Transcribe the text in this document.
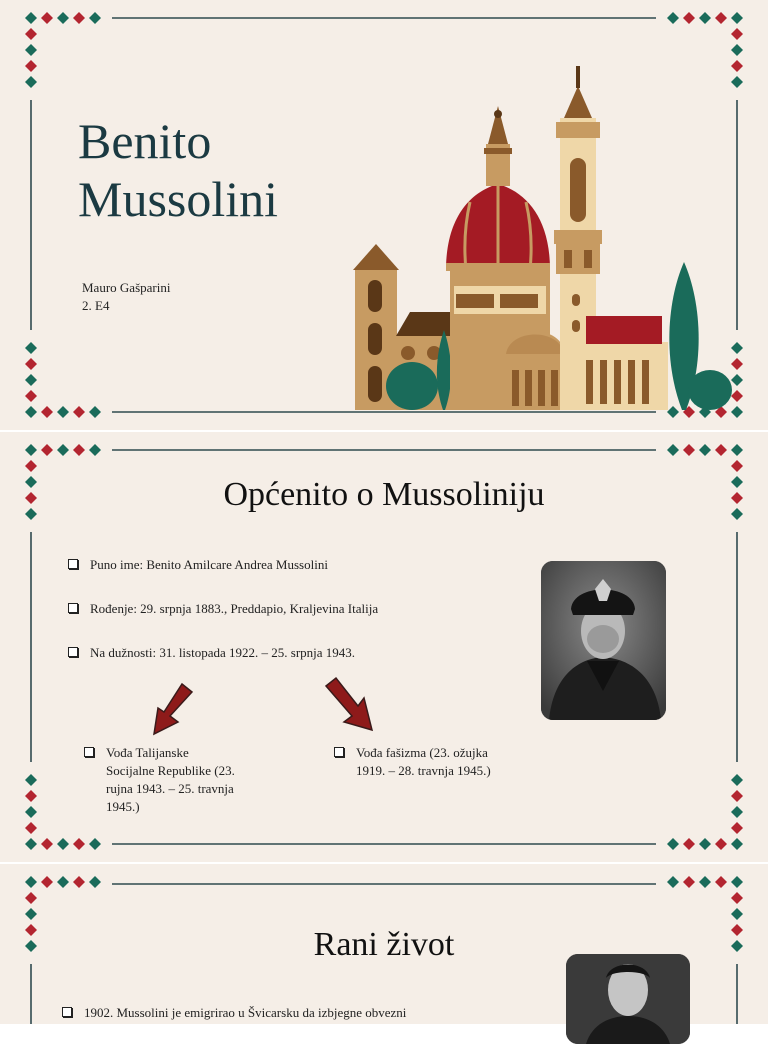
Benito
Mussolini
Mauro Gašparini
2. E4
Općenito o Mussoliniju
Puno ime: Benito Amilcare Andrea Mussolini
Rođenje: 29. srpnja 1883., Preddapio, Kraljevina Italija
Na dužnosti: 31. listopada 1922. – 25. srpnja 1943.
Vođa Talijanske
Socijalne Republike (23.
rujna 1943. – 25. travnja
1945.)
Vođa fašizma (23. ožujka
1919. – 28. travnja 1945.)
Rani život
1902. Mussolini je emigrirao u Švicarsku da izbjegne obvezni
